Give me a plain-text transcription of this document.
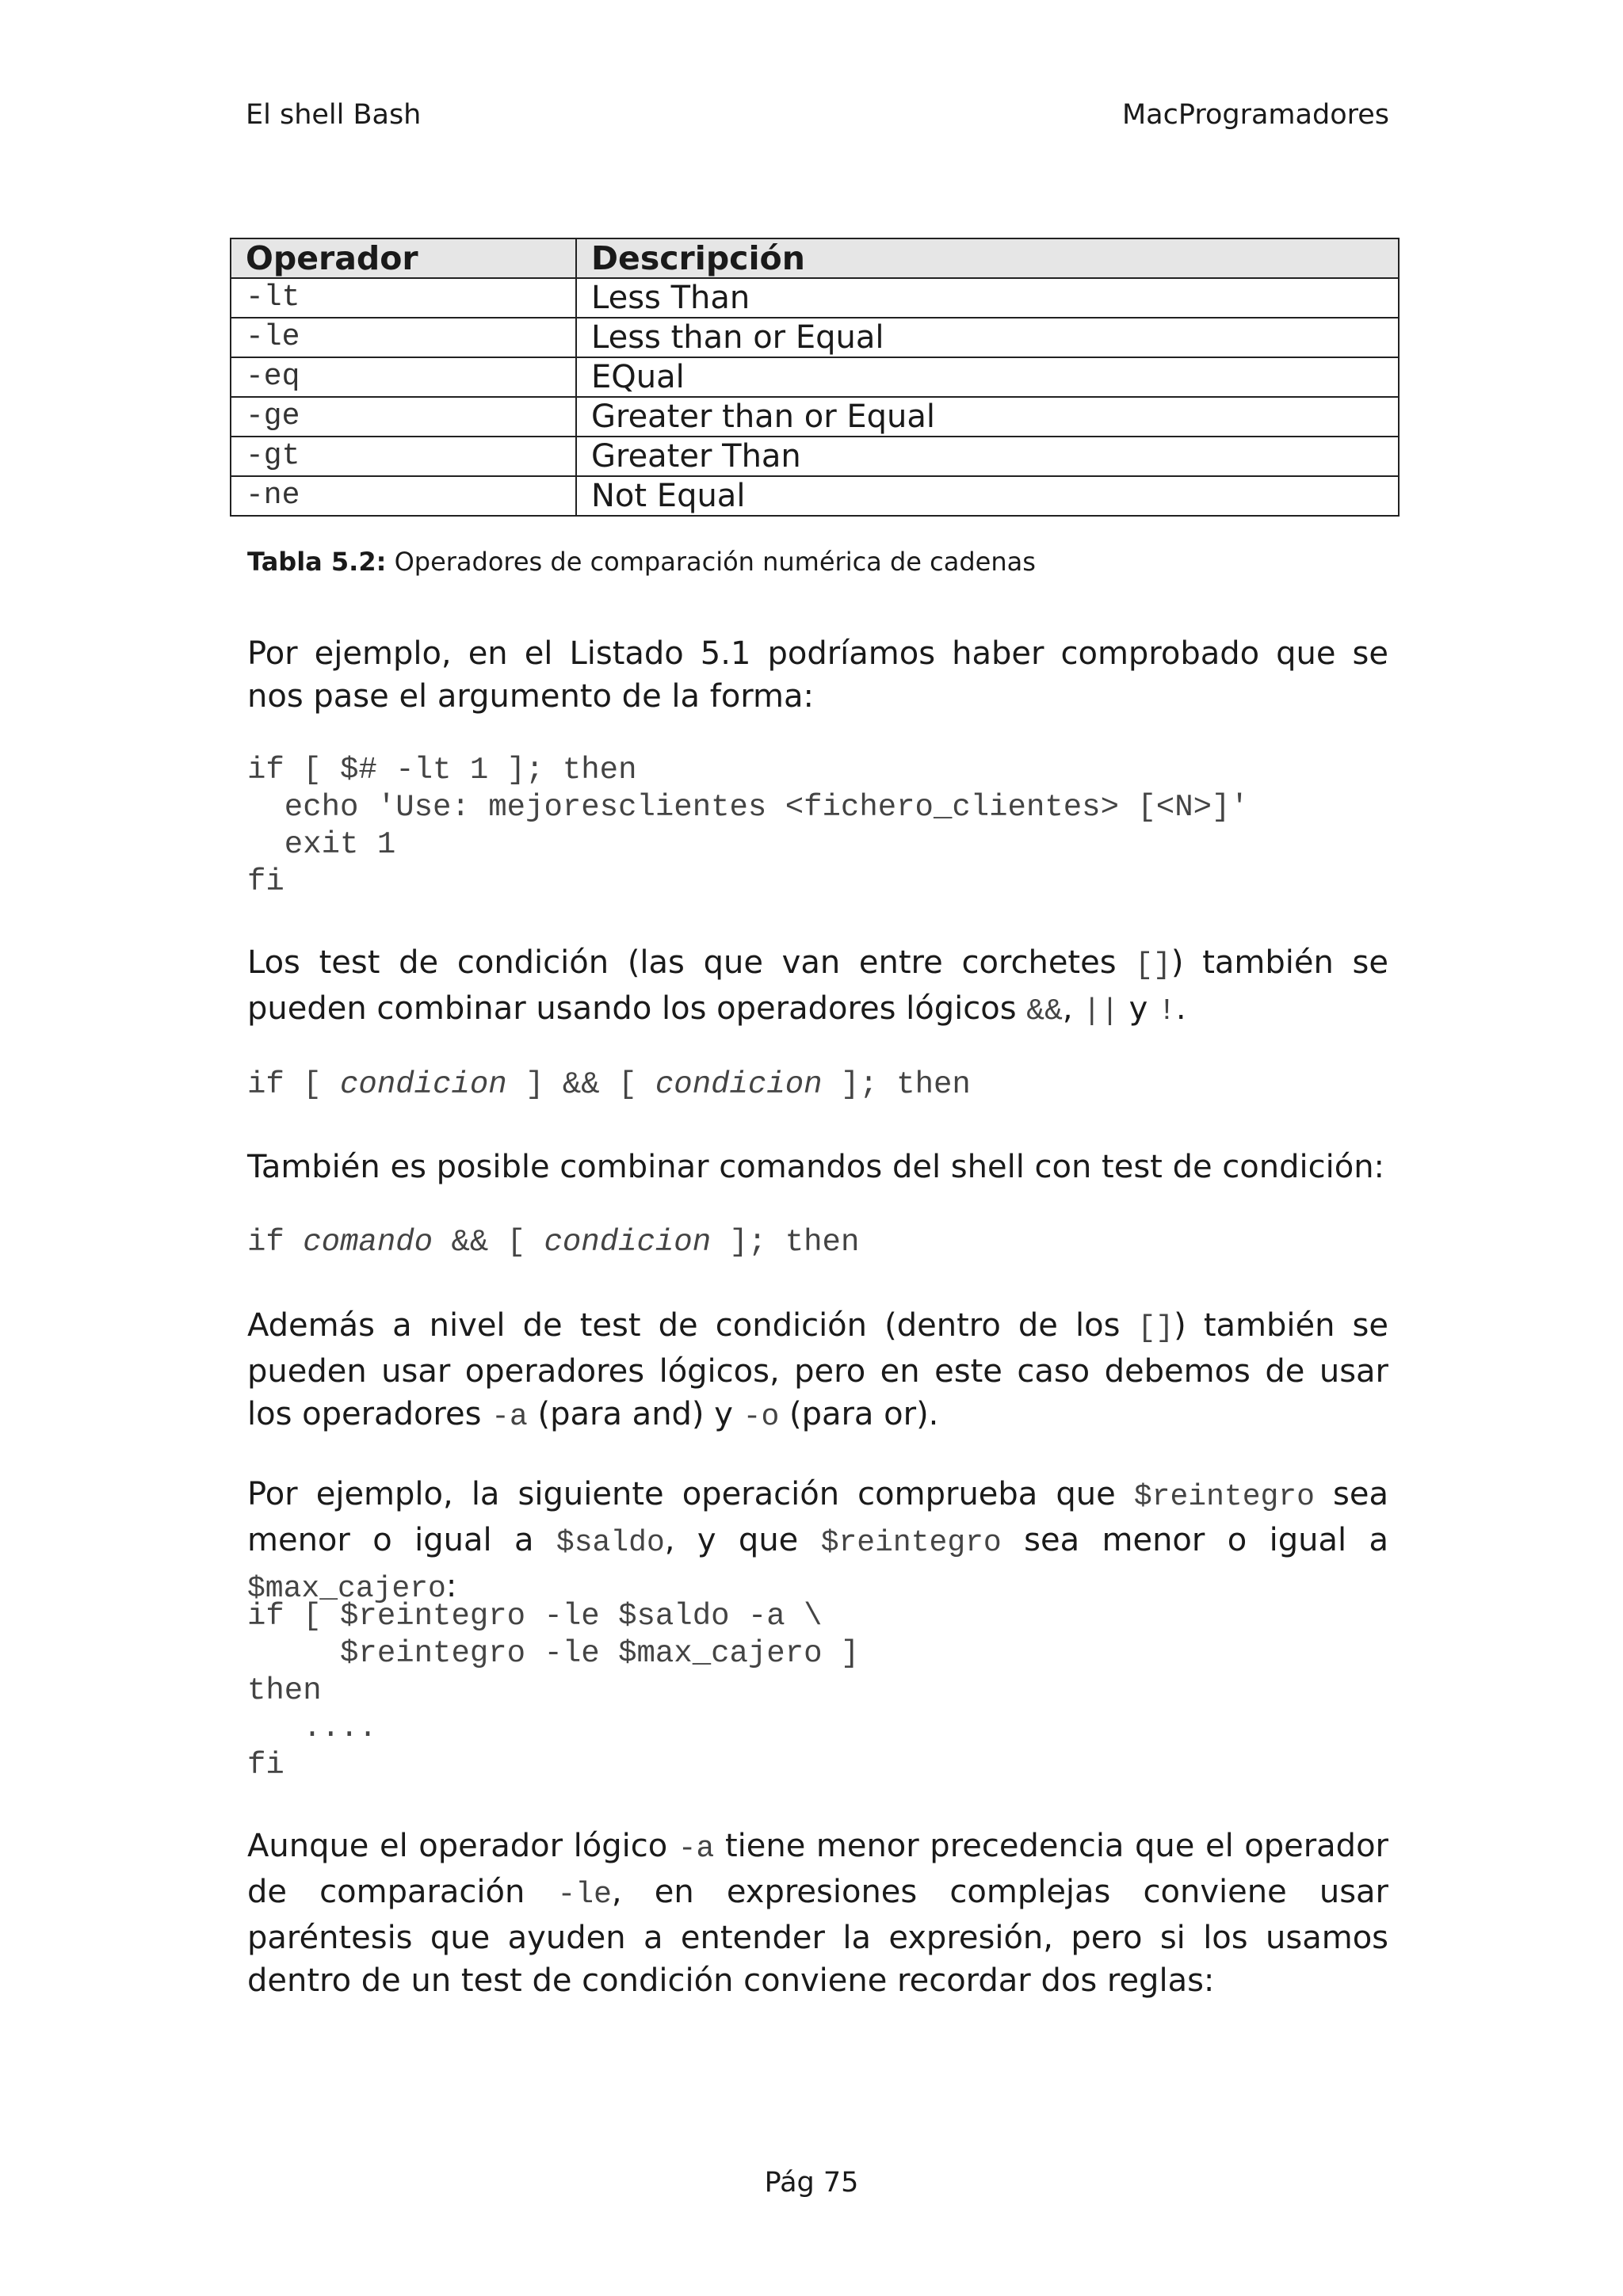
El shell Bash	MacProgramadores
Operador	Descripción
-lt	Less Than
-le	Less than or Equal
-eq	EQual
-ge	Greater than or Equal
-gt	Greater Than
-ne	Not Equal
Tabla 5.2: Operadores de comparación numérica de cadenas
Por ejemplo, en el Listado 5.1 podríamos haber comprobado que se nos pase el argumento de la forma:
if [ $# -lt 1 ]; then
echo 'Use: mejoresclientes <fichero_clientes> [<N>]'
exit 1
fi
Los test de condición (las que van entre corchetes []) también se pueden combinar usando los operadores lógicos &&, || y !.
if [ condicion ] && [ condicion ]; then
También es posible combinar comandos del shell con test de condición:
if comando && [ condicion ]; then
Además a nivel de test de condición (dentro de los []) también se pueden usar operadores lógicos, pero en este caso debemos de usar los operadores -a (para and) y -o (para or).
Por ejemplo, la siguiente operación comprueba que $reintegro sea menor o igual a $saldo, y que $reintegro sea menor o igual a $max_cajero:
if [ $reintegro -le $saldo -a \
$reintegro -le $max_cajero ]
then
....
fi
Aunque el operador lógico -a tiene menor precedencia que el operador de comparación -le, en expresiones complejas conviene usar paréntesis que ayuden a entender la expresión, pero si los usamos dentro de un test de condición conviene recordar dos reglas:
Pág 75
